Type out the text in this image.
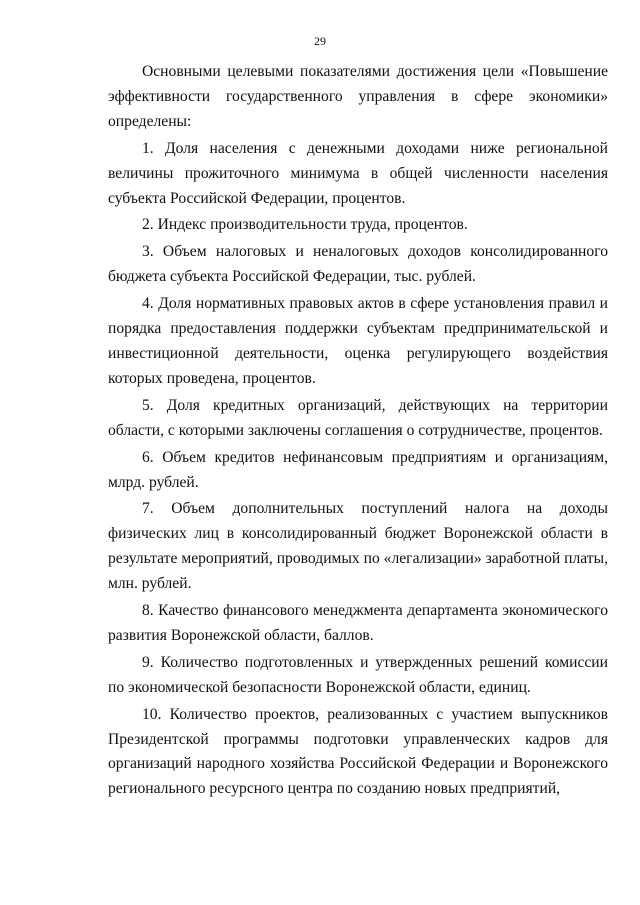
29

Основными целевыми показателями достижения цели «Повышение эффективности государственного управления в сфере экономики» определены:

1. Доля населения с денежными доходами ниже региональной величины прожиточного минимума в общей численности населения субъекта Российской Федерации, процентов.

2. Индекс производительности труда, процентов.

3. Объем налоговых и неналоговых доходов консолидированного бюджета субъекта Российской Федерации, тыс. рублей.

4. Доля нормативных правовых актов в сфере установления правил и порядка предоставления поддержки субъектам предпринимательской и инвестиционной деятельности, оценка регулирующего воздействия которых проведена, процентов.

5. Доля кредитных организаций, действующих на территории области, с которыми заключены соглашения о сотрудничестве, процентов.

6. Объем кредитов нефинансовым предприятиям и организациям, млрд. рублей.

7. Объем дополнительных поступлений налога на доходы физических лиц в консолидированный бюджет Воронежской области в результате мероприятий, проводимых по «легализации» заработной платы, млн. рублей.

8. Качество финансового менеджмента департамента экономического развития Воронежской области, баллов.

9. Количество подготовленных и утвержденных решений комиссии по экономической безопасности Воронежской области, единиц.

10. Количество проектов, реализованных с участием выпускников Президентской программы подготовки управленческих кадров для организаций народного хозяйства Российской Федерации и Воронежского регионального ресурсного центра по созданию новых предприятий,
